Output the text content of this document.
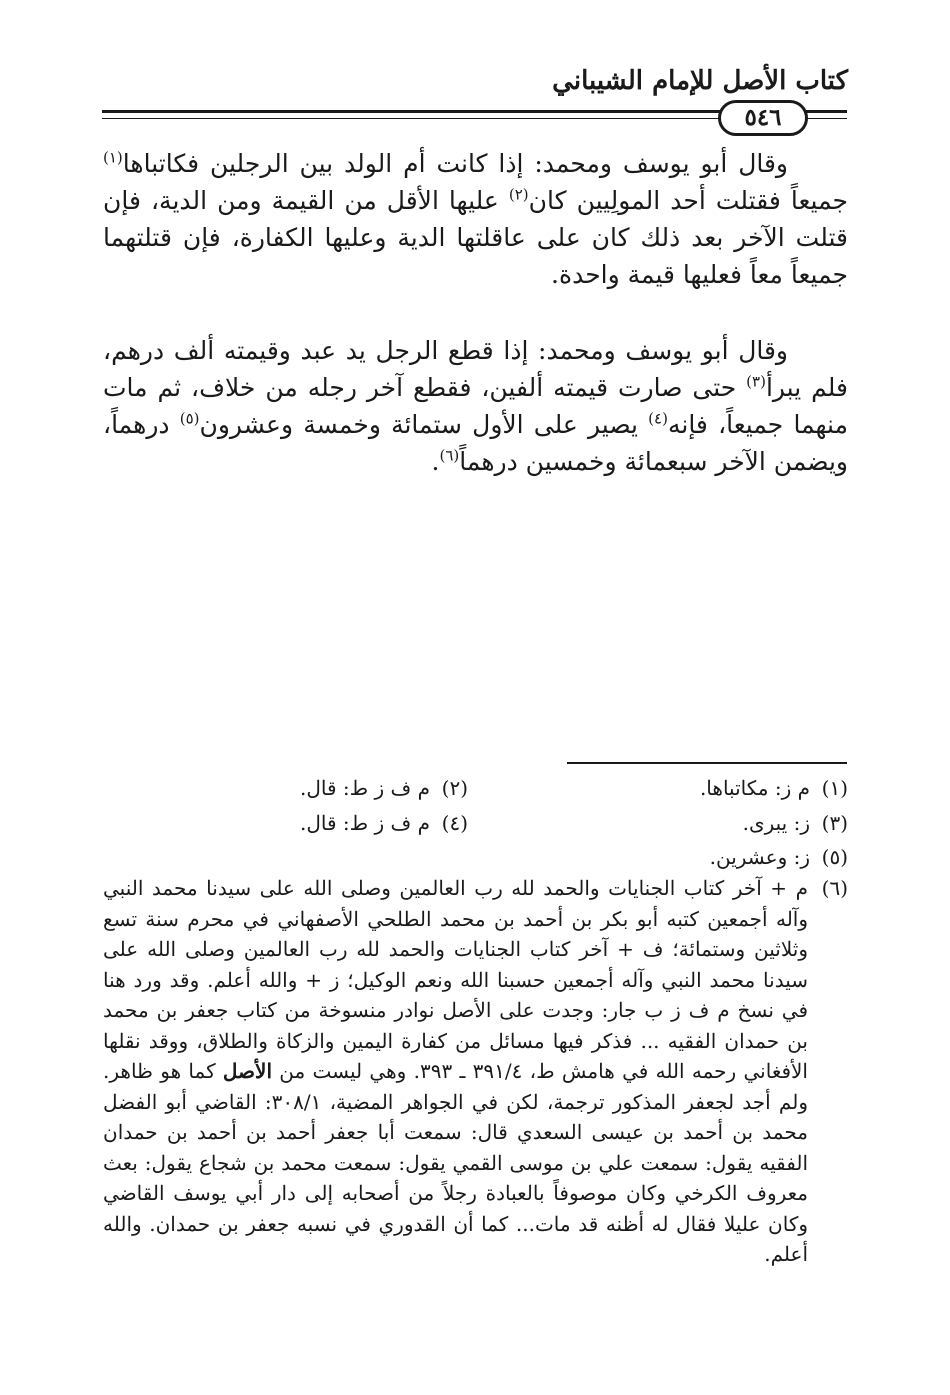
كتاب الأصل للإمام الشيباني
٥٤٦

وقال أبو يوسف ومحمد: إذا كانت أم الولد بين الرجلين فكاتباها$^{(١)}$ جميعاً فقتلت أحد المولِيين كان$^{(٢)}$ عليها الأقل من القيمة ومن الدية، فإن قتلت الآخر بعد ذلك كان على عاقلتها الدية وعليها الكفارة، فإن قتلتهما جميعاً معاً فعليها قيمة واحدة.

وقال أبو يوسف ومحمد: إذا قطع الرجل يد عبد وقيمته ألف درهم، فلم يبرأ$^{(٣)}$ حتى صارت قيمته ألفين، فقطع آخر رجله من خلاف، ثم مات منهما جميعاً، فإنه$^{(٤)}$ يصير على الأول ستمائة وخمسة وعشرون$^{(٥)}$ درهماً، ويضمن الآخر سبعمائة وخمسين درهماً$^{(٦)}$.

(١)م ز: مكاتباها.
(٢)م ف ز ط: قال.
(٣)ز: يبرى.
(٤)م ف ز ط: قال.
(٥)ز: وعشرين.
(٦)
م + آخر كتاب الجنايات والحمد لله رب العالمين وصلى الله على سيدنا محمد النبي وآله أجمعين كتبه أبو بكر بن أحمد بن محمد الطلحي الأصفهاني في محرم سنة تسع وثلاثين وستمائة؛ ف + آخر كتاب الجنايات والحمد لله رب العالمين وصلى الله على سيدنا محمد النبي وآله أجمعين حسبنا الله ونعم الوكيل؛ ز + والله أعلم. وقد ورد هنا في نسخ م ف ز ب جار: وجدت على الأصل نوادر منسوخة من كتاب جعفر بن محمد بن حمدان الفقيه ... فذكر فيها مسائل من كفارة اليمين والزكاة والطلاق، ووقد نقلها الأفغاني رحمه الله في هامش ط، ٣٩١/٤ ـ ٣٩٣. وهي ليست من الأصل كما هو ظاهر. ولم أجد لجعفر المذكور ترجمة، لكن في الجواهر المضية، ٣٠٨/١: القاضي أبو الفضل محمد بن أحمد بن عيسى السعدي قال: سمعت أبا جعفر أحمد بن أحمد بن حمدان الفقيه يقول: سمعت علي بن موسى القمي يقول: سمعت محمد بن شجاع يقول: بعث معروف الكرخي وكان موصوفاً بالعبادة رجلاً من أصحابه إلى دار أبي يوسف القاضي وكان عليلا فقال له أظنه قد مات... كما أن القدوري في نسبه جعفر بن حمدان. والله أعلم.
